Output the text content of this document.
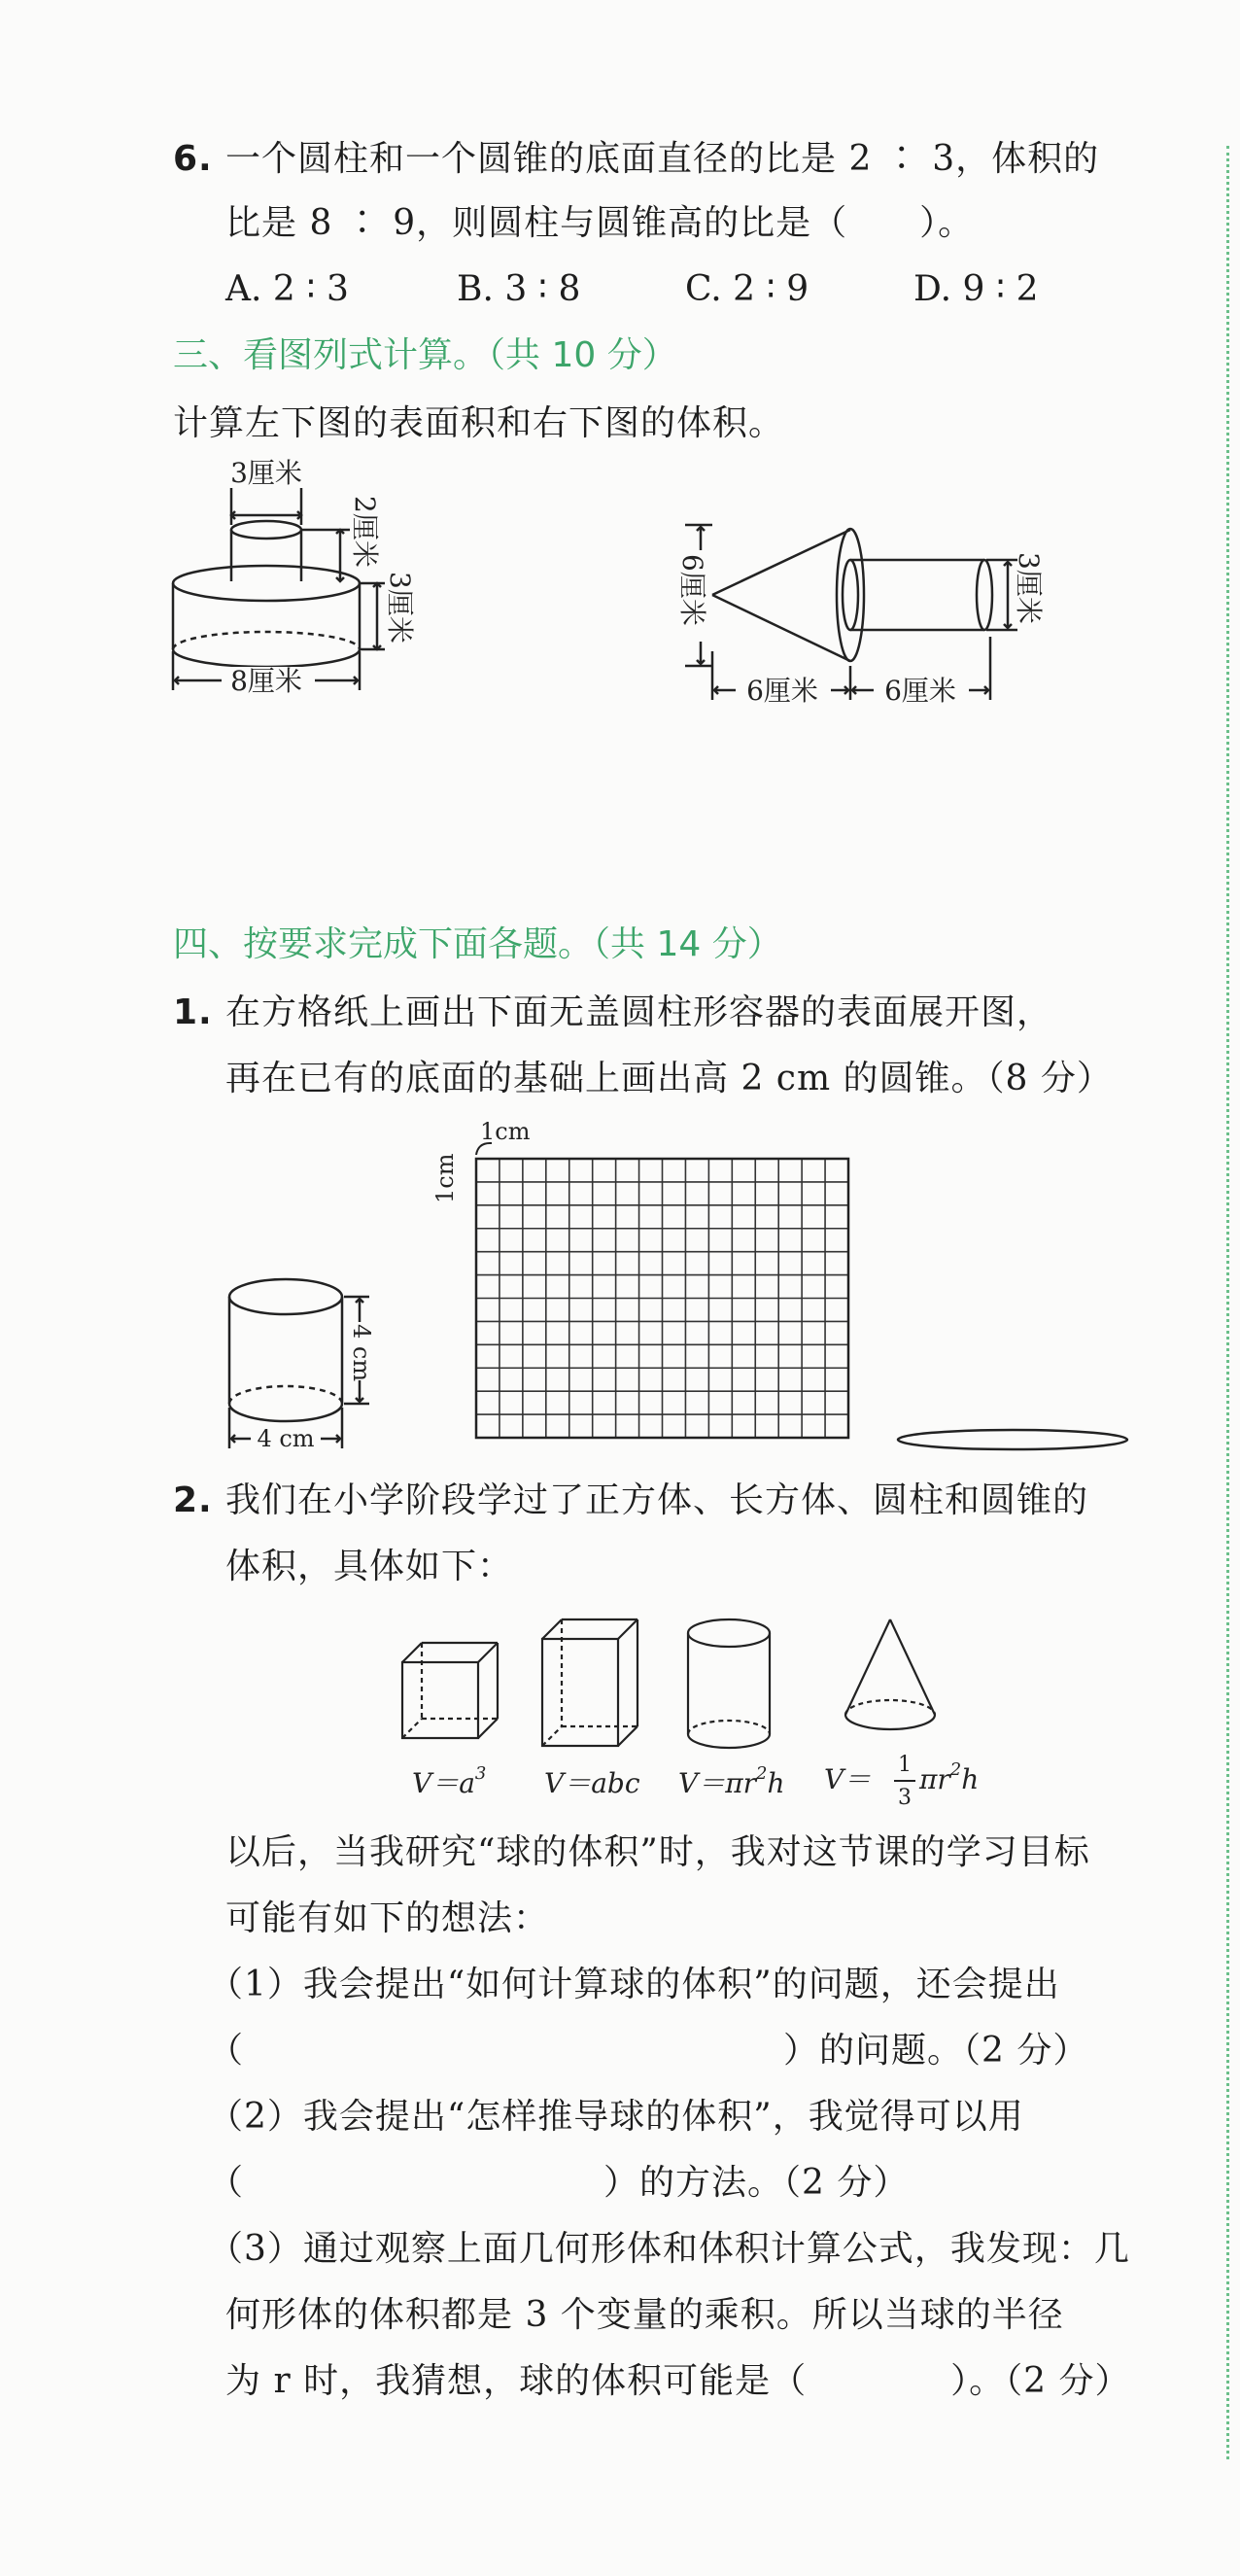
6. 一个圆柱和一个圆锥的底面直径的比是 2 ∶ 3，体积的
比是 8 ∶ 9，则圆柱与圆锥高的比是（　　）。
A. 2 ∶ 3	B. 3 ∶ 8	C. 2 ∶ 9	D. 9 ∶ 2
三、看图列式计算。（共 10 分）
计算左下图的表面积和右下图的体积。
3厘米
2厘米
3厘米
8厘米
6厘米
6厘米 6厘米
3厘米
四、按要求完成下面各题。（共 14 分）
1. 在方格纸上画出下面无盖圆柱形容器的表面展开图，
再在已有的底面的基础上画出高 2 cm 的圆锥。（8 分）
1cm
1cm
4 cm
4 cm
2. 我们在小学阶段学过了正方体、长方体、圆柱和圆锥的
体积，具体如下：
$V=a^3$ V＝abc $V=\pi r^2h$ V＝ 1
3
$\pi r^2h$
以后，当我研究“球的体积”时，我对这节课的学习目标
可能有如下的想法：
（1）我会提出“如何计算球的体积”的问题，还会提出
（　　　　　　　　　　　　　　　）的问题。（2 分）
（2）我会提出“怎样推导球的体积”，我觉得可以用
（　　　　　　　　　　）的方法。（2 分）
（3）通过观察上面几何形体和体积计算公式，我发现：几
何形体的体积都是 3 个变量的乘积。所以当球的半径
为 r 时，我猜想，球的体积可能是（　　　　）。（2 分）
